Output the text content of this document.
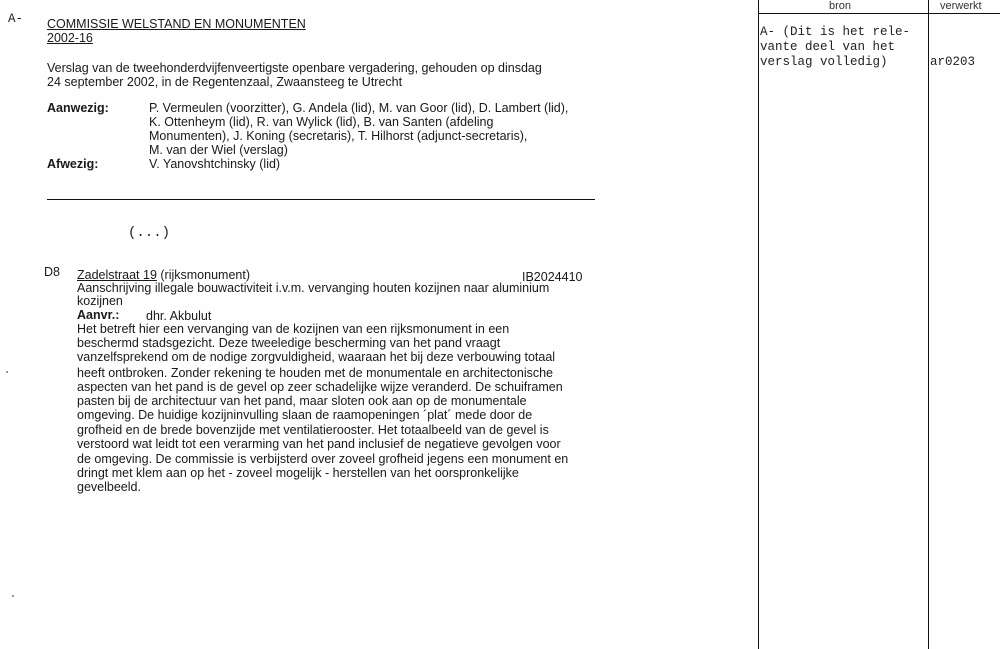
A- COMMISSIE WELSTAND EN MONUMENTEN
2002-16
Verslag van de tweehonderdvijfenveertigste openbare vergadering, gehouden op dinsdag
24 september 2002, in de Regentenzaal, Zwaansteeg te Utrecht
Aanwezig:	P. Vermeulen (voorzitter), G. Andela (lid), M. van Goor (lid), D. Lambert (lid),
K. Ottenheym (lid), R. van Wylick (lid), B. van Santen (afdeling
Monumenten), J. Koning (secretaris), T. Hilhorst (adjunct-secretaris),
M. van der Wiel (verslag)
Afwezig:	V. Yanovshtchinsky (lid)
(...)
D8 Zadelstraat 19 (rijksmonument)	IB2024410
Aanschrijving illegale bouwactiviteit i.v.m. vervanging houten kozijnen naar aluminium
kozijnen
Aanvr.: dhr. Akbulut
Het betreft hier een vervanging van de kozijnen van een rijksmonument in een
beschermd stadsgezicht. Deze tweeledige bescherming van het pand vraagt
vanzelfsprekend om de nodige zorgvuldigheid, waaraan het bij deze verbouwing totaal
heeft ontbroken. Zonder rekening te houden met de monumentale en architectonische
aspecten van het pand is de gevel op zeer schadelijke wijze veranderd. De schuiframen
pasten bij de architectuur van het pand, maar sloten ook aan op de monumentale
omgeving. De huidige kozijninvulling slaan de raamopeningen ´plat´ mede door de
grofheid en de brede bovenzijde met ventilatierooster. Het totaalbeeld van de gevel is
verstoord wat leidt tot een verarming van het pand inclusief de negatieve gevolgen voor
de omgeving. De commissie is verbijsterd over zoveel grofheid jegens een monument en
dringt met klem aan op het - zoveel mogelijk - herstellen van het oorspronkelijke
gevelbeeld.
bron	verwerkt
A- (Dit is het rele-
vante deel van het
verslag volledig)	ar0203
